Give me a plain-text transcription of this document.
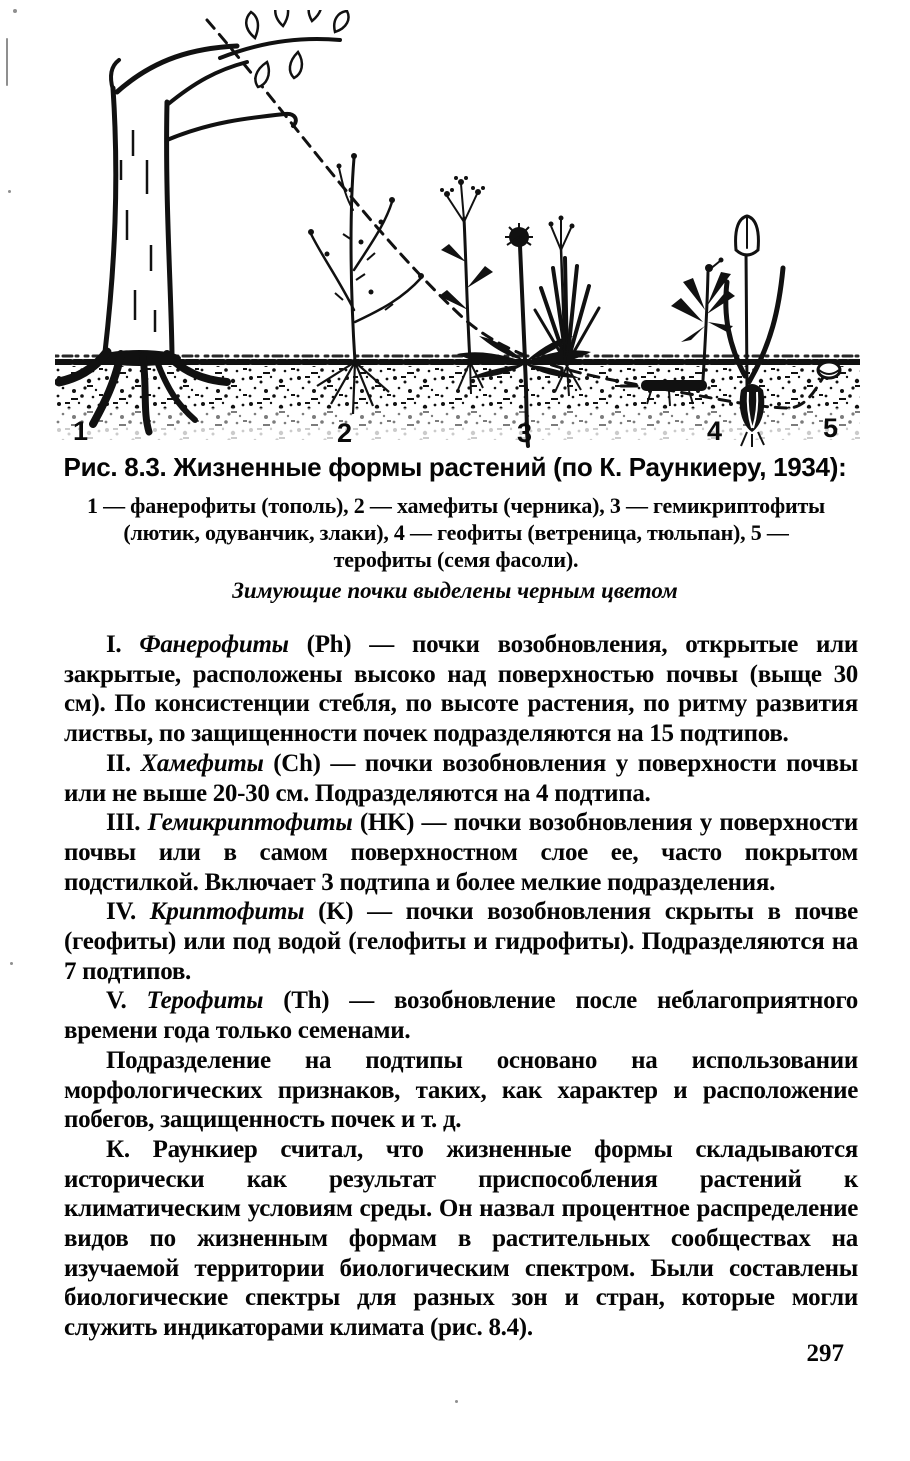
1	2	3	4	5
Рис. 8.3. Жизненные формы растений (по К. Раункиеру, 1934):
1 — фанерофиты (тополь), 2 — хамефиты (черника), 3 — гемикриптофиты (лютик, одуванчик, злаки), 4 — геофиты (ветреница, тюльпан), 5 — терофиты (семя фасоли).
Зимующие почки выделены черным цветом

I. Фанерофиты (Ph) — почки возобновления, открытые или закрытые, расположены высоко над поверхностью почвы (выще 30 см). По консистенции стебля, по высоте растения, по ритму развития листвы, по защищенности почек подразделяются на 15 подтипов.

II. Хамефиты (Ch) — почки возобновления у поверхности почвы или не выше 20-30 см. Подразделяются на 4 подтипа.

III. Гемикриптофиты (HK) — почки возобновления у поверхности почвы или в самом поверхностном слое ее, часто покрытом подстилкой. Включает 3 подтипа и более мелкие подразделения.

IV. Криптофиты (K) — почки возобновления скрыты в почве (геофиты) или под водой (гелофиты и гидрофиты). Подразделяются на 7 подтипов.

V. Терофиты (Th) — возобновление после неблагоприятного времени года только семенами.

Подразделение на подтипы основано на использовании морфологических признаков, таких, как характер и расположение побегов, защищенность почек и т. д.

К. Раункиер считал, что жизненные формы складываются исторически как результат приспособления растений к климатическим условиям среды. Он назвал процентное распределение видов по жизненным формам в растительных сообществах на изучаемой территории биологическим спектром. Были составлены биологические спектры для разных зон и стран, которые могли служить индикаторами климата (рис. 8.4).

297
